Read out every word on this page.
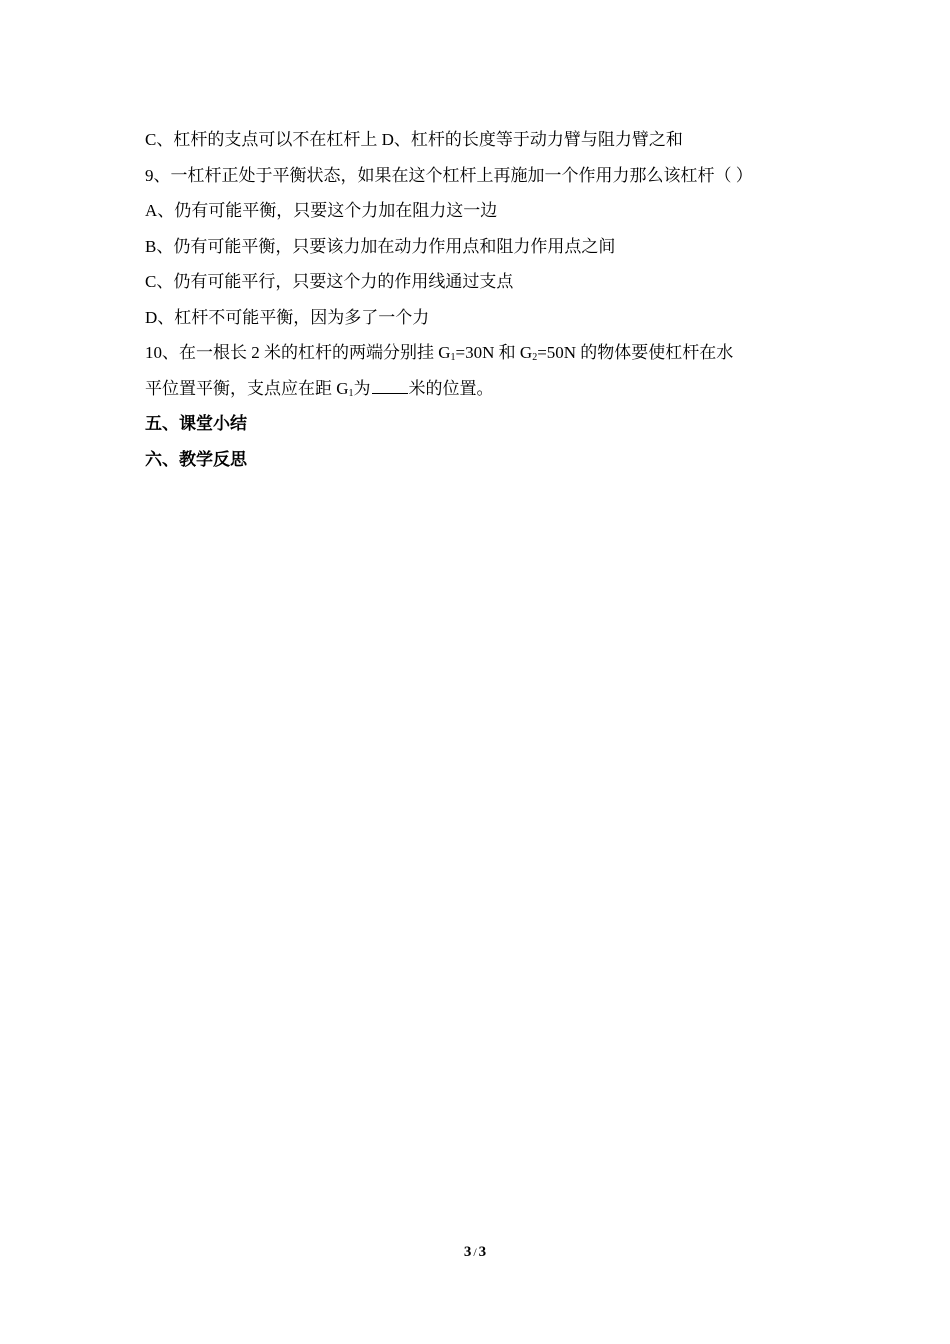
C、杠杆的支点可以不在杠杆上 D、杠杆的长度等于动力臂与阻力臂之和
9、一杠杆正处于平衡状态，如果在这个杠杆上再施加一个作用力那么该杠杆（ ）
A、仍有可能平衡，只要这个力加在阻力这一边
B、仍有可能平衡，只要该力加在动力作用点和阻力作用点之间
C、仍有可能平行，只要这个力的作用线通过支点
D、杠杆不可能平衡，因为多了一个力
10、在一根长 2 米的杠杆的两端分别挂 $G_1=30N$ 和 $G_2=50N$ 的物体要使杠杆在水
平位置平衡，支点应在距 $G_1$为 米的位置。
五、课堂小结
六、教学反思
3 / 3
